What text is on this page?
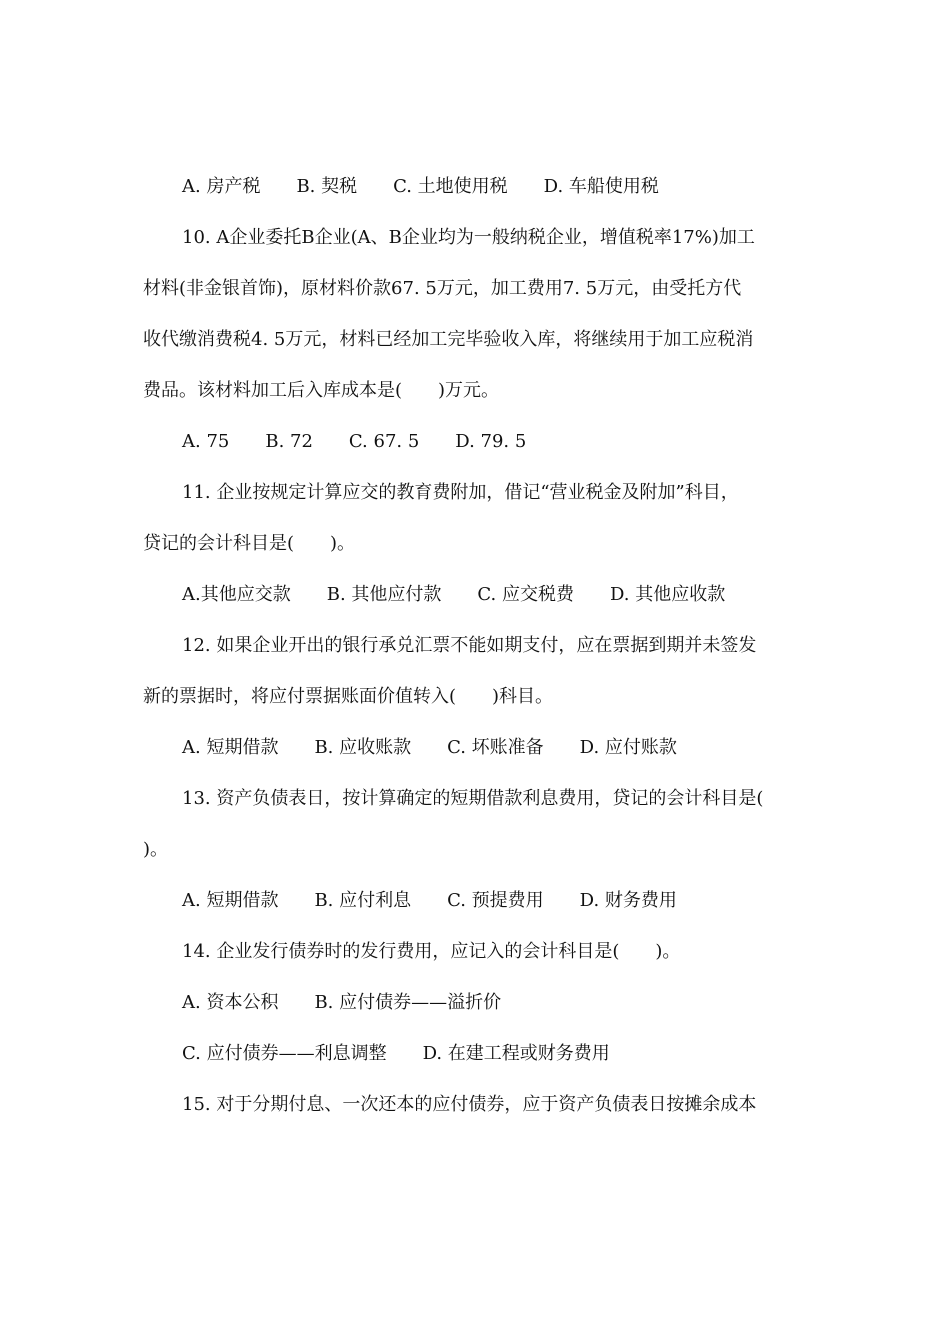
A. 房产税　　B. 契税　　C. 土地使用税　　D. 车船使用税
10. A企业委托B企业(A、B企业均为一般纳税企业，增值税率17%)加工
材料(非金银首饰)，原材料价款67. 5万元，加工费用7. 5万元，由受托方代
收代缴消费税4. 5万元，材料已经加工完毕验收入库，将继续用于加工应税消
费品。该材料加工后入库成本是(　　)万元。
A. 75　　B. 72　　C. 67. 5　　D. 79. 5
11. 企业按规定计算应交的教育费附加，借记“营业税金及附加”科目，
贷记的会计科目是(　　)。
A.其他应交款　　B. 其他应付款　　C. 应交税费　　D. 其他应收款
12. 如果企业开出的银行承兑汇票不能如期支付，应在票据到期并未签发
新的票据时，将应付票据账面价值转入(　　)科目。
A. 短期借款　　B. 应收账款　　C. 坏账准备　　D. 应付账款
13. 资产负债表日，按计算确定的短期借款利息费用，贷记的会计科目是(
)。
A. 短期借款　　B. 应付利息　　C. 预提费用　　D. 财务费用
14. 企业发行债券时的发行费用，应记入的会计科目是(　　)。
A. 资本公积　　B. 应付债券——溢折价
C. 应付债券——利息调整　　D. 在建工程或财务费用
15. 对于分期付息、一次还本的应付债券，应于资产负债表日按摊余成本
